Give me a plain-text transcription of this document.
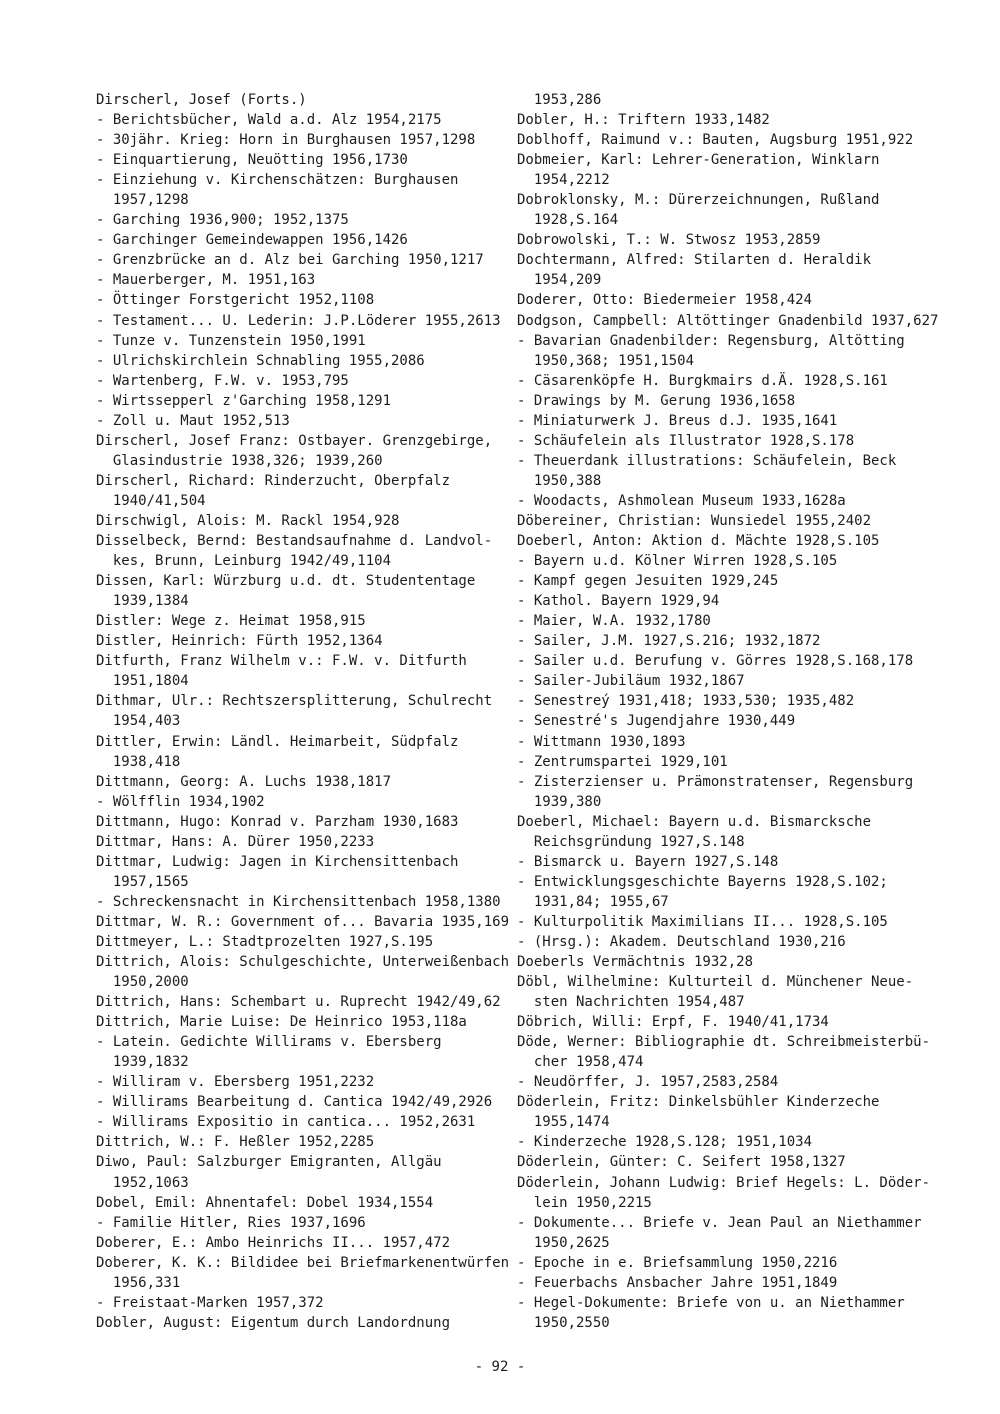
Dirscherl, Josef (Forts.)
- Berichtsbücher, Wald a.d. Alz 1954,2175
- 30jähr. Krieg: Horn in Burghausen 1957,1298
- Einquartierung, Neuötting 1956,1730
- Einziehung v. Kirchenschätzen: Burghausen
1957,1298
- Garching 1936,900; 1952,1375
- Garchinger Gemeindewappen 1956,1426
- Grenzbrücke an d. Alz bei Garching 1950,1217
- Mauerberger, M. 1951,163
- Öttinger Forstgericht 1952,1108
- Testament... U. Lederin: J.P.Löderer 1955,2613
- Tunze v. Tunzenstein 1950,1991
- Ulrichskirchlein Schnabling 1955,2086
- Wartenberg, F.W. v. 1953,795
- Wirtssepperl z'Garching 1958,1291
- Zoll u. Maut 1952,513
Dirscherl, Josef Franz: Ostbayer. Grenzgebirge,
Glasindustrie 1938,326; 1939,260
Dirscherl, Richard: Rinderzucht, Oberpfalz
1940/41,504
Dirschwigl, Alois: M. Rackl 1954,928
Disselbeck, Bernd: Bestandsaufnahme d. Landvol-
kes, Brunn, Leinburg 1942/49,1104
Dissen, Karl: Würzburg u.d. dt. Studententage
1939,1384
Distler: Wege z. Heimat 1958,915
Distler, Heinrich: Fürth 1952,1364
Ditfurth, Franz Wilhelm v.: F.W. v. Ditfurth
1951,1804
Dithmar, Ulr.: Rechtszersplitterung, Schulrecht
1954,403
Dittler, Erwin: Ländl. Heimarbeit, Südpfalz
1938,418
Dittmann, Georg: A. Luchs 1938,1817
- Wölfflin 1934,1902
Dittmann, Hugo: Konrad v. Parzham 1930,1683
Dittmar, Hans: A. Dürer 1950,2233
Dittmar, Ludwig: Jagen in Kirchensittenbach
1957,1565
- Schreckensnacht in Kirchensittenbach 1958,1380
Dittmar, W. R.: Government of... Bavaria 1935,169
Dittmeyer, L.: Stadtprozelten 1927,S.195
Dittrich, Alois: Schulgeschichte, Unterweißenbach
1950,2000
Dittrich, Hans: Schembart u. Ruprecht 1942/49,62
Dittrich, Marie Luise: De Heinrico 1953,118a
- Latein. Gedichte Willirams v. Ebersberg
1939,1832
- Williram v. Ebersberg 1951,2232
- Willirams Bearbeitung d. Cantica 1942/49,2926
- Willirams Expositio in cantica... 1952,2631
Dittrich, W.: F. Heßler 1952,2285
Diwo, Paul: Salzburger Emigranten, Allgäu
1952,1063
Dobel, Emil: Ahnentafel: Dobel 1934,1554
- Familie Hitler, Ries 1937,1696
Doberer, E.: Ambo Heinrichs II... 1957,472
Doberer, K. K.: Bildidee bei Briefmarkenentwürfen
1956,331
- Freistaat-Marken 1957,372
Dobler, August: Eigentum durch Landordnung
1953,286
Dobler, H.: Triftern 1933,1482
Doblhoff, Raimund v.: Bauten, Augsburg 1951,922
Dobmeier, Karl: Lehrer-Generation, Winklarn
1954,2212
Dobroklonsky, M.: Dürerzeichnungen, Rußland
1928,S.164
Dobrowolski, T.: W. Stwosz 1953,2859
Dochtermann, Alfred: Stilarten d. Heraldik
1954,209
Doderer, Otto: Biedermeier 1958,424
Dodgson, Campbell: Altöttinger Gnadenbild 1937,627
- Bavarian Gnadenbilder: Regensburg, Altötting
1950,368; 1951,1504
- Cäsarenköpfe H. Burgkmairs d.Ä. 1928,S.161
- Drawings by M. Gerung 1936,1658
- Miniaturwerk J. Breus d.J. 1935,1641
- Schäufelein als Illustrator 1928,S.178
- Theuerdank illustrations: Schäufelein, Beck
1950,388
- Woodacts, Ashmolean Museum 1933,1628a
Döbereiner, Christian: Wunsiedel 1955,2402
Doeberl, Anton: Aktion d. Mächte 1928,S.105
- Bayern u.d. Kölner Wirren 1928,S.105
- Kampf gegen Jesuiten 1929,245
- Kathol. Bayern 1929,94
- Maier, W.A. 1932,1780
- Sailer, J.M. 1927,S.216; 1932,1872
- Sailer u.d. Berufung v. Görres 1928,S.168,178
- Sailer-Jubiläum 1932,1867
- Senestreý 1931,418; 1933,530; 1935,482
- Senestré's Jugendjahre 1930,449
- Wittmann 1930,1893
- Zentrumspartei 1929,101
- Zisterzienser u. Prämonstratenser, Regensburg
1939,380
Doeberl, Michael: Bayern u.d. Bismarcksche
Reichsgründung 1927,S.148
- Bismarck u. Bayern 1927,S.148
- Entwicklungsgeschichte Bayerns 1928,S.102;
1931,84; 1955,67
- Kulturpolitik Maximilians II... 1928,S.105
- (Hrsg.): Akadem. Deutschland 1930,216
Doeberls Vermächtnis 1932,28
Döbl, Wilhelmine: Kulturteil d. Münchener Neue-
sten Nachrichten 1954,487
Döbrich, Willi: Erpf, F. 1940/41,1734
Döde, Werner: Bibliographie dt. Schreibmeisterbü-
cher 1958,474
- Neudörffer, J. 1957,2583,2584
Döderlein, Fritz: Dinkelsbühler Kinderzeche
1955,1474
- Kinderzeche 1928,S.128; 1951,1034
Döderlein, Günter: C. Seifert 1958,1327
Döderlein, Johann Ludwig: Brief Hegels: L. Döder-
lein 1950,2215
- Dokumente... Briefe v. Jean Paul an Niethammer
1950,2625
- Epoche in e. Briefsammlung 1950,2216
- Feuerbachs Ansbacher Jahre 1951,1849
- Hegel-Dokumente: Briefe von u. an Niethammer
1950,2550
- 92 -
